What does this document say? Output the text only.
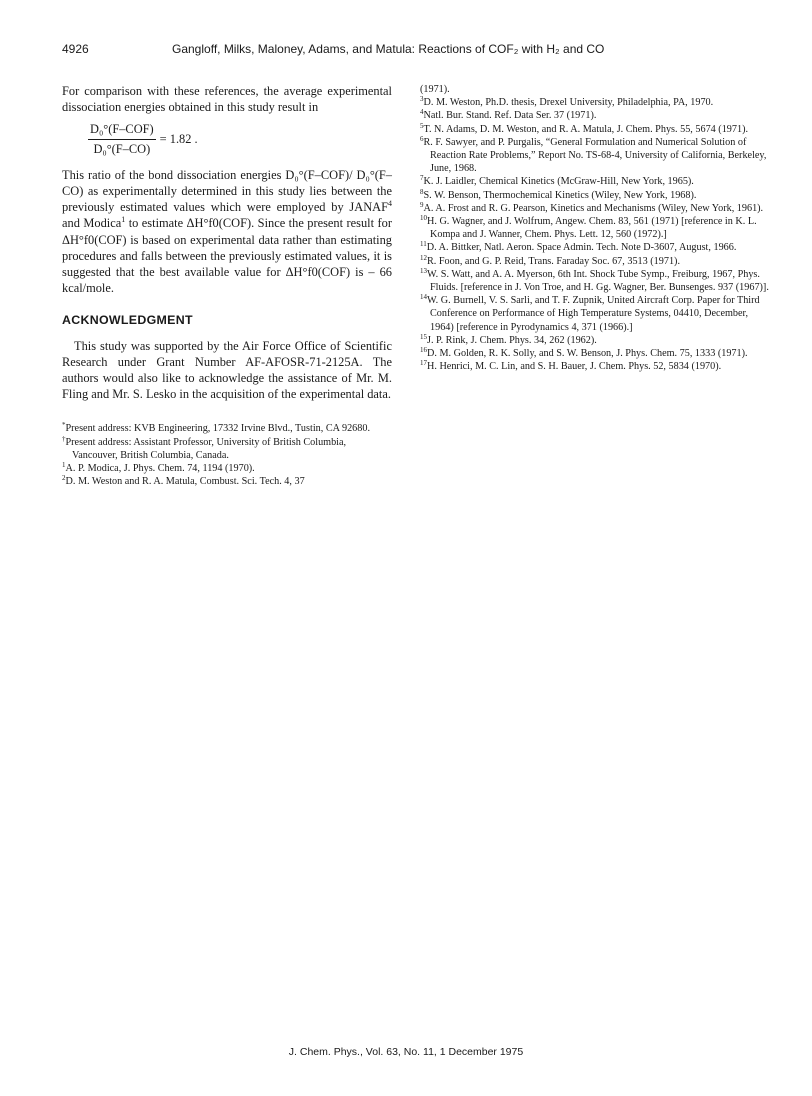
4926	Gangloff, Milks, Maloney, Adams, and Matula: Reactions of COF₂ with H₂ and CO

For comparison with these references, the average experimental dissociation energies obtained in this study result in

$\frac{\text{D₀°(F–COF)}}{\text{D₀°(F–CO)}} = 1.82$ .

This ratio of the bond dissociation energies D₀°(F–COF)/ D₀°(F–CO) as experimentally determined in this study lies between the previously estimated values which were employed by JANAF$^4$ and Modica$^1$ to estimate ΔH°f0(COF). Since the present result for ΔH°f0(COF) is based on experimental data rather than estimating procedures and falls between the previously estimated values, it is suggested that the best available value for ΔH°f0(COF) is – 66 kcal/mole.

ACKNOWLEDGMENT

This study was supported by the Air Force Office of Scientific Research under Grant Number AF-AFOSR-71-2125A. The authors would also like to acknowledge the assistance of Mr. M. Fling and Mr. S. Lesko in the acquisition of the experimental data.

*Present address: KVB Engineering, 17332 Irvine Blvd., Tustin, CA 92680.

†Present address: Assistant Professor, University of British Columbia, Vancouver, British Columbia, Canada.

$^1$A. P. Modica, J. Phys. Chem. 74, 1194 (1970).

$^2$D. M. Weston and R. A. Matula, Combust. Sci. Tech. 4, 37

(1971).

$^3$D. M. Weston, Ph.D. thesis, Drexel University, Philadelphia, PA, 1970.

$^4$Natl. Bur. Stand. Ref. Data Ser. 37 (1971).

$^5$T. N. Adams, D. M. Weston, and R. A. Matula, J. Chem. Phys. 55, 5674 (1971).

$^6$R. F. Sawyer, and P. Purgalis, “General Formulation and Numerical Solution of Reaction Rate Problems,” Report No. TS-68-4, University of California, Berkeley, June, 1968.

$^7$K. J. Laidler, Chemical Kinetics (McGraw-Hill, New York, 1965).

$^8$S. W. Benson, Thermochemical Kinetics (Wiley, New York, 1968).

$^9$A. A. Frost and R. G. Pearson, Kinetics and Mechanisms (Wiley, New York, 1961).

$^{10}$H. G. Wagner, and J. Wolfrum, Angew. Chem. 83, 561 (1971) [reference in K. L. Kompa and J. Wanner, Chem. Phys. Lett. 12, 560 (1972).]

$^{11}$D. A. Bittker, Natl. Aeron. Space Admin. Tech. Note D-3607, August, 1966.

$^{12}$R. Foon, and G. P. Reid, Trans. Faraday Soc. 67, 3513 (1971).

$^{13}$W. S. Watt, and A. A. Myerson, 6th Int. Shock Tube Symp., Freiburg, 1967, Phys. Fluids. [reference in J. Von Troe, and H. Gg. Wagner, Ber. Bunsenges. 937 (1967)].

$^{14}$W. G. Burnell, V. S. Sarli, and T. F. Zupnik, United Aircraft Corp. Paper for Third Conference on Performance of High Temperature Systems, 04410, December, 1964) [reference in Pyrodynamics 4, 371 (1966).]

$^{15}$J. P. Rink, J. Chem. Phys. 34, 262 (1962).

$^{16}$D. M. Golden, R. K. Solly, and S. W. Benson, J. Phys. Chem. 75, 1333 (1971).

$^{17}$H. Henrici, M. C. Lin, and S. H. Bauer, J. Chem. Phys. 52, 5834 (1970).

J. Chem. Phys., Vol. 63, No. 11, 1 December 1975
